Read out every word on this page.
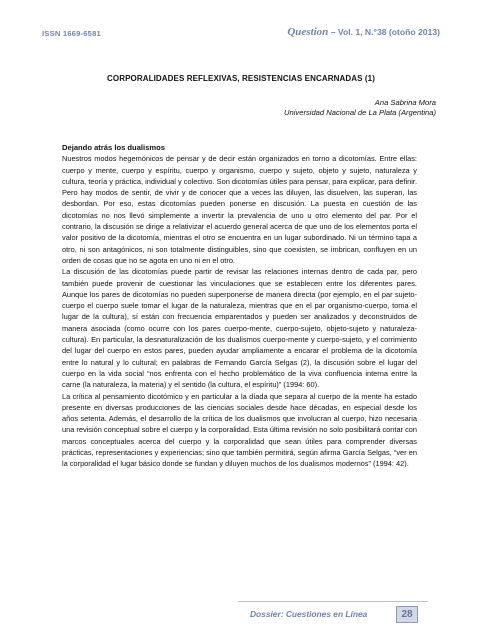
ISSN 1669-6581	Question – Vol. 1, N.°38 (otoño 2013)
CORPORALIDADES REFLEXIVAS, RESISTENCIAS ENCARNADAS (1)
Ana Sabrina Mora
Universidad Nacional de La Plata (Argentina)
Dejando atrás los dualismos

Nuestros modos hegemónicos de pensar y de decir están organizados en torno a dicotomías. Entre ellas: cuerpo y mente, cuerpo y espíritu, cuerpo y organismo, cuerpo y sujeto, objeto y sujeto, naturaleza y cultura, teoría y práctica, individual y colectivo. Son dicotomías útiles para pensar, para explicar, para definir. Pero hay modos de sentir, de vivir y de conocer que a veces las diluyen, las disuelven, las superan, las desbordan. Por eso, estas dicotomías pueden ponerse en discusión. La puesta en cuestión de las dicotomías no nos llevó simplemente a invertir la prevalencia de uno u otro elemento del par. Por el contrario, la discusión se dirige a relativizar el acuerdo general acerca de que uno de los elementos porta el valor positivo de la dicotomía, mientras el otro se encuentra en un lugar subordinado. Ni un término tapa a otro, ni son antagónicos, ni son totalmente distinguibles, sino que coexisten, se imbrican, confluyen en un orden de cosas que no se agota en uno ni en el otro.

La discusión de las dicotomías puede partir de revisar las relaciones internas dentro de cada par, pero también puede provenir de cuestionar las vinculaciones que se establecen entre los diferentes pares. Aunque los pares de dicotomías no pueden superponerse de manera directa (por ejemplo, en el par sujeto-cuerpo el cuerpo suele tomar el lugar de la naturaleza, mientras que en el par organismo-cuerpo, toma el lugar de la cultura), sí están con frecuencia emparentados y pueden ser analizados y deconstruidos de manera asociada (como ocurre con los pares cuerpo-mente, cuerpo-sujeto, objeto-sujeto y naturaleza-cultura). En particular, la desnaturalización de los dualismos cuerpo-mente y cuerpo-sujeto, y el corrimiento del lugar del cuerpo en estos pares, pueden ayudar ampliamente a encarar el problema de la dicotomía entre lo natural y lo cultural; en palabras de Fernando García Selgas (2), la discusión sobre el lugar del cuerpo en la vida social “nos enfrenta con el hecho problemático de la viva confluencia interna entre la carne (la naturaleza, la materia) y el sentido (la cultura, el espíritu)” (1994: 60).

La crítica al pensamiento dicotómico y en particular a la díada que separa al cuerpo de la mente ha estado presente en diversas producciones de las ciencias sociales desde hace décadas, en especial desde los años setenta. Además, el desarrollo de la crítica de los dualismos que involucran al cuerpo, hizo necesaria una revisión conceptual sobre el cuerpo y la corporalidad. Esta última revisión no solo posibilitará contar con marcos conceptuales acerca del cuerpo y la corporalidad que sean útiles para comprender diversas prácticas, representaciones y experiencias; sino que también permitirá, según afirma García Selgas, “ver en la corporalidad el lugar básico donde se fundan y diluyen muchos de los dualismos modernos” (1994: 42).

Dossier: Cuestiones en Línea	28
